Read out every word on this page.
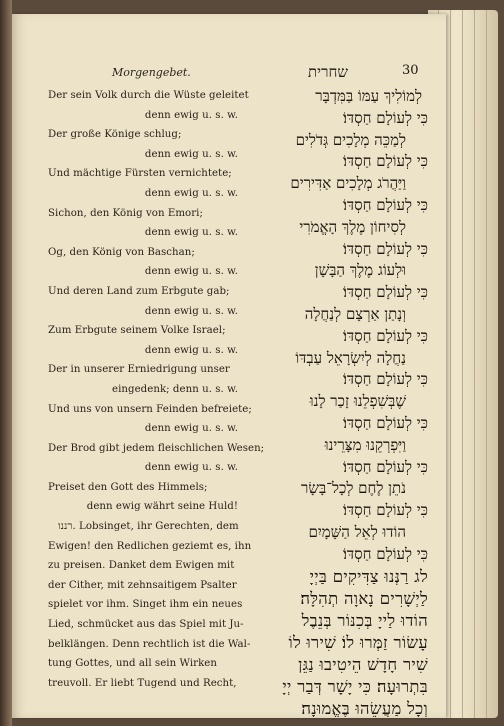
Morgengebet.	שחרית	30
Der sein Volk durch die Wüste geleitet
denn ewig u. s. w.
Der große Könige schlug;
denn ewig u. s. w.
Und mächtige Fürsten vernichtete;
denn ewig u. s. w.
Sichon, den König von Emori;
denn ewig u. s. w.
Og, den König von Baschan;
denn ewig u. s. w.
Und deren Land zum Erbgute gab;
denn ewig u. s. w.
Zum Erbgute seinem Volke Israel;
denn ewig u. s. w.
Der in unserer Erniedrigung unser
eingedenk; denn u. s. w.
Und uns von unsern Feinden befreiete;
denn ewig u. s. w.
Der Brod gibt jedem fleischlichen Wesen;
denn ewig u. s. w.
Preiset den Gott des Himmels;
denn ewig währt seine Huld!
רננו. Lobsinget, ihr Gerechten, dem
Ewigen! den Redlichen geziemt es, ihn
zu preisen. Danket dem Ewigen mit
der Cither, mit zehnsaitigem Psalter
spielet vor ihm. Singet ihm ein neues
Lied, schmücket aus das Spiel mit Ju-
belklängen. Denn rechtlich ist die Wal-
tung Gottes, und all sein Wirken
treuvoll. Er liebt Tugend und Recht,
לְמוֹלִיךְ עַמּוֹ בַּמִּדְבָּר
כִּי לְעוֹלָם חַסְדּוֹ׃
לְמַכֵּה מְלָכִים גְּדֹלִים
כִּי לְעוֹלָם חַסְדּוֹ׃
וַיַּהֲרֹג מְלָכִים אַדִּירִים
כִּי לְעוֹלָם חַסְדּוֹ׃
לְסִיחוֹן מֶלֶךְ הָאֱמֹרִי
כִּי לְעוֹלָם חַסְדּוֹ׃
וּלְעוֹג מֶלֶךְ הַבָּשָׁן
כִּי לְעוֹלָם חַסְדּוֹ׃
וְנָתַן אַרְצָם לְנַחֲלָה
כִּי לְעוֹלָם חַסְדּוֹ׃
נַחֲלָה לְיִשְׂרָאֵל עַבְדּוֹ
כִּי לְעוֹלָם חַסְדּוֹ׃
שֶׁבְּשִׁפְלֵנוּ זָכַר לָנוּ
כִּי לְעוֹלָם חַסְדּוֹ׃
וַיִּפְרְקֵנוּ מִצָּרֵינוּ
כִּי לְעוֹלָם חַסְדּוֹ׃
נֹתֵן לֶחֶם לְכָל־בָּשָׂר
כִּי לְעוֹלָם חַסְדּוֹ׃
הוֹדוּ לְאֵל הַשָּׁמָיִם
כִּי לְעוֹלָם חַסְדּוֹ׃
לג רַנְּנוּ צַדִּיקִים בַּיְיָ
לַיְשָׁרִים נָאוָה תְהִלָּה׃
הוֹדוּ לַייָ בְּכִנּוֹר בְּנֵבֶל
עָשׂוֹר זַמְּרוּ לוֹ׃ שִׁירוּ לוֹ
שִׁיר חָדָשׁ הֵיטִיבוּ נַגֵּן
בִּתְרוּעָה׃ כִּי יָשָׁר דְּבַר יְיָ
וְכָל מַעֲשֵׂהוּ בֶּאֱמוּנָה׃
